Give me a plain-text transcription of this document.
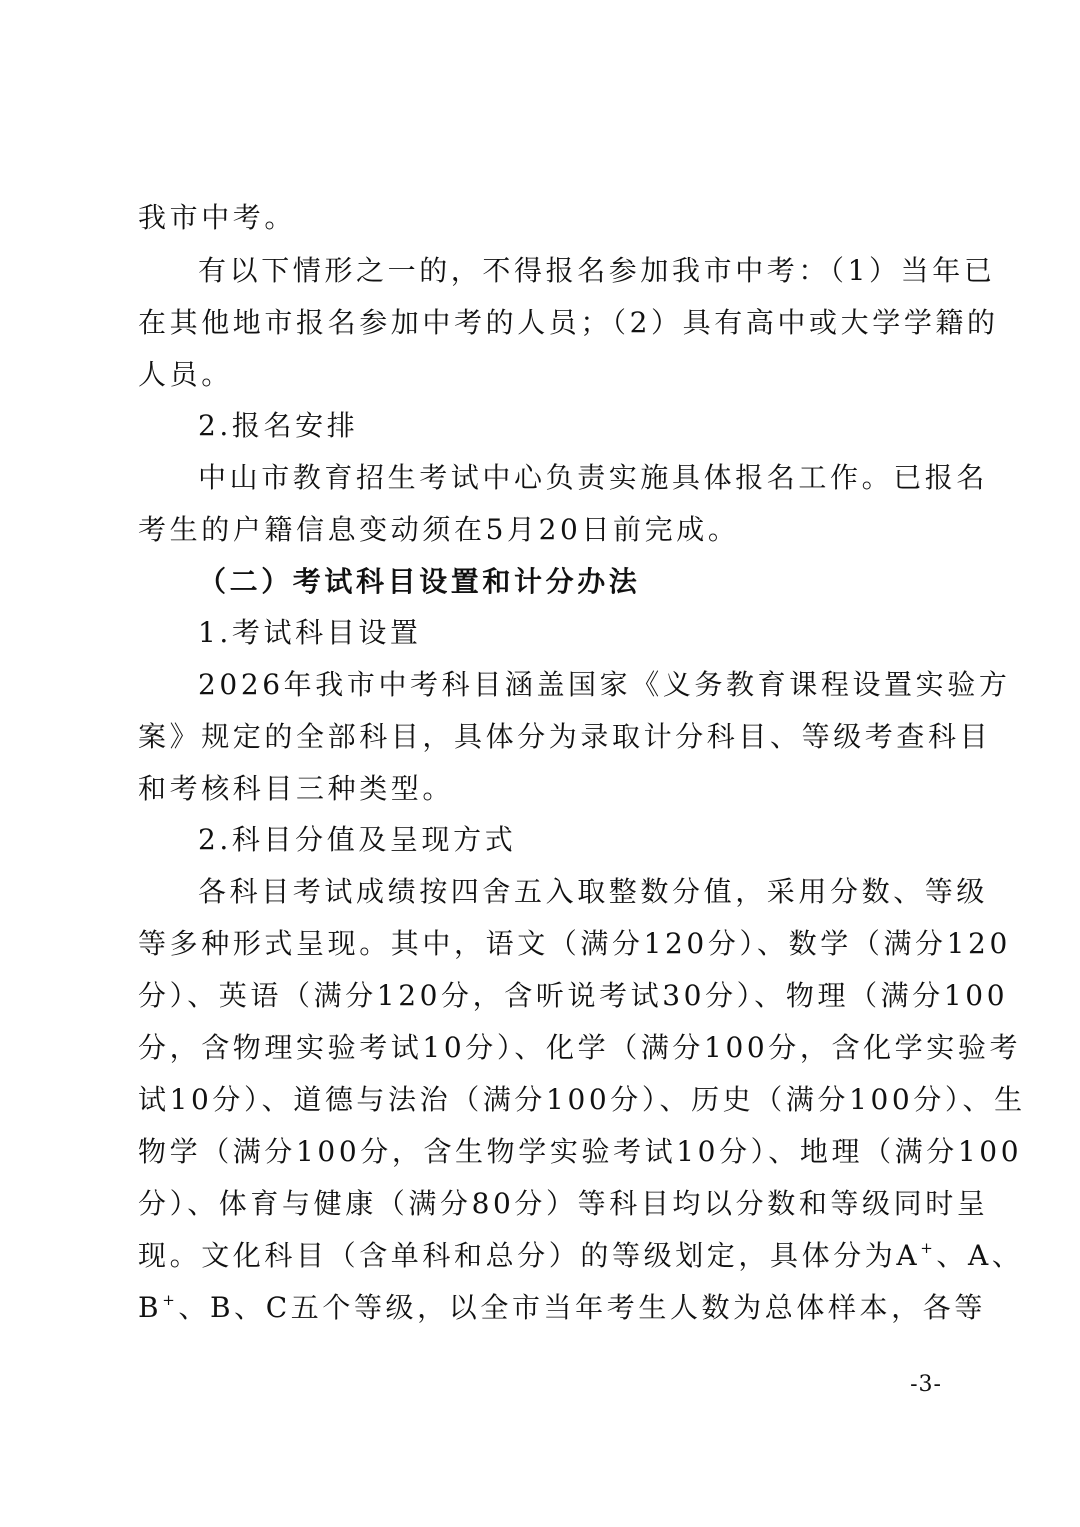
我市中考。
有以下情形之一的，不得报名参加我市中考：（1）当年已
在其他地市报名参加中考的人员；（2）具有高中或大学学籍的
人员。
2.报名安排
中山市教育招生考试中心负责实施具体报名工作。已报名
考生的户籍信息变动须在5月20日前完成。
（二）考试科目设置和计分办法
1.考试科目设置
2026年我市中考科目涵盖国家《义务教育课程设置实验方
案》规定的全部科目，具体分为录取计分科目、等级考查科目
和考核科目三种类型。
2.科目分值及呈现方式
各科目考试成绩按四舍五入取整数分值，采用分数、等级
等多种形式呈现。其中，语文（满分120分）、数学（满分120
分）、英语（满分120分，含听说考试30分）、物理（满分100
分，含物理实验考试10分）、化学（满分100分，含化学实验考
试10分）、道德与法治（满分100分）、历史（满分100分）、生
物学（满分100分，含生物学实验考试10分）、地理（满分100
分）、体育与健康（满分80分）等科目均以分数和等级同时呈
现。文化科目（含单科和总分）的等级划定，具体分为A+、A、
B+、B、C五个等级，以全市当年考生人数为总体样本，各等
-3-
